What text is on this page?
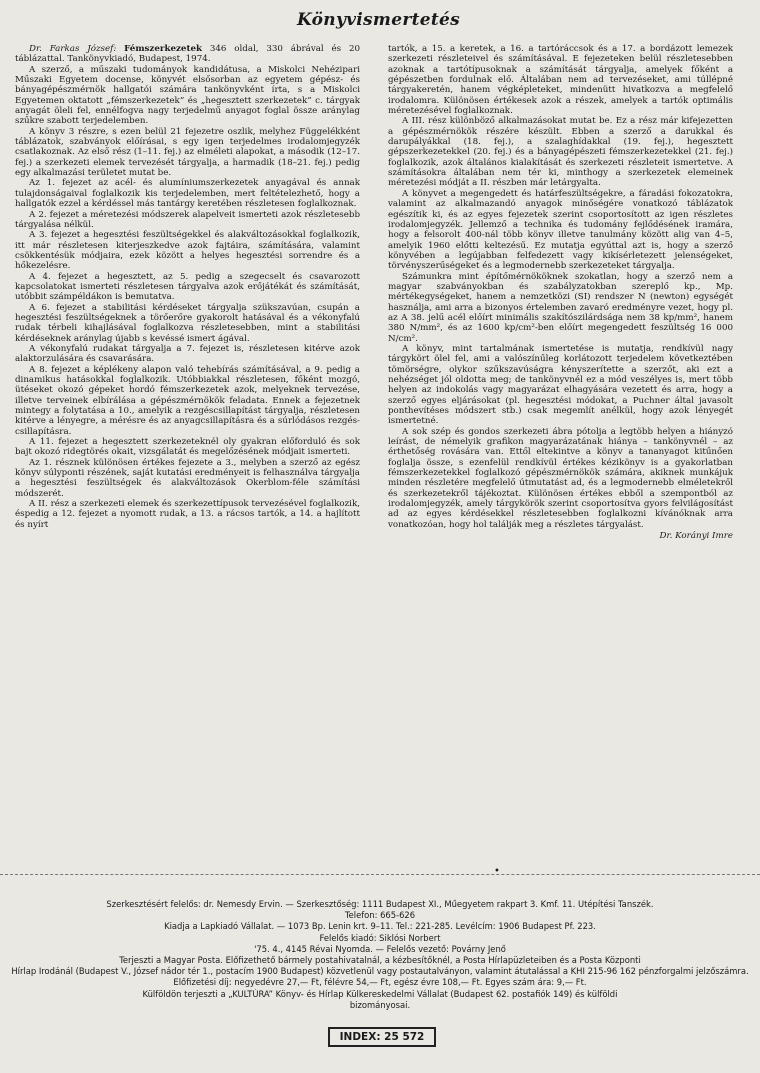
Könyvismertetés

Dr. Farkas József: Fémszerkezetek 346 oldal, 330 ábrával és 20 táblázattal. Tankönyvkiadó, Budapest, 1974.

A szerző, a műszaki tudományok kandidátusa, a Miskolci Nehézipari Műszaki Egyetem docense, könyvét elsősorban az egyetem gépész- és bányagépészmérnök hallgatói számára tankönyvként írta, s a Miskolci Egyetemen oktatott „fémszerkezetek” és „hegesztett szerkezetek” c. tárgyak anyagát öleli fel, ennélfogva nagy terjedelmű anyagot foglal össze aránylag szűkre szabott terjedelemben.

A könyv 3 részre, s ezen belül 21 fejezetre oszlik, melyhez Függelékként táblázatok, szabványok előírásai, s egy igen terjedelmes irodalomjegyzék csatlakoznak. Az első rész (1–11. fej.) az elméleti alapokat, a második (12–17. fej.) a szerkezeti elemek tervezését tárgyalja, a harmadik (18–21. fej.) pedig egy alkalmazási területet mutat be.

Az 1. fejezet az acél- és alumíniumszerkezetek anyagával és annak tulajdonságaival foglalkozik kis terjedelemben, mert feltételezhető, hogy a hallgatók ezzel a kérdéssel más tantárgy keretében részletesen foglalkoznak.

A 2. fejezet a méretezési módszerek alapelveit ismerteti azok részletesebb tárgyalása nélkül.

A 3. fejezet a hegesztési feszültségekkel és alakváltozásokkal foglalkozik, itt már részletesen kiterjeszkedve azok fajtáira, számítására, valamint csökkentésük módjaira, ezek között a helyes hegesztési sorrendre és a hőkezelésre.

A 4. fejezet a hegesztett, az 5. pedig a szegecselt és csavarozott kapcsolatokat ismerteti részletesen tárgyalva azok erőjátékát és számítását, utóbbit számpéldákon is bemutatva.

A 6. fejezet a stabilitási kérdéseket tárgyalja szükszavúan, csupán a hegesztési feszültségeknek a törőerőre gyakorolt hatásával és a vékonyfalú rudak térbeli kihajlásával foglalkozva részletesebben, mint a stabilitási kérdéseknek aránylag újabb s kevéssé ismert ágával.

A vékonyfalú rudakat tárgyalja a 7. fejezet is, részletesen kitérve azok alaktorzulására és csavarására.

A 8. fejezet a képlékeny alapon való tehebírás számításával, a 9. pedig a dinamikus hatásokkal foglalkozik. Utóbbiakkal részletesen, főként mozgó, ütéseket okozó gépeket hordó fémszerkezetek azok, melyeknek tervezése, illetve terveinek elbírálása a gépészmérnökök feladata. Ennek a fejezetnek mintegy a folytatása a 10., amelyik a rezgéscsillapítást tárgyalja, részletesen kitérve a lényegre, a mérésre és az anyagcsillapításra és a súrlódásos rezgés-csillapításra.

A 11. fejezet a hegesztett szerkezeteknél oly gyakran előforduló és sok bajt okozó ridegtörés okait, vizsgálatát és megelőzésének módjait ismerteti.

Az 1. résznek különösen értékes fejezete a 3., melyben a szerző az egész könyv súlyponti részének, saját kutatási eredményeit is felhasználva tárgyalja a hegesztési feszültségek és alakváltozások Okerblom-féle számítási módszerét.

A II. rész a szerkezeti elemek és szerkezettípusok tervezésével foglalkozik, éspedig a 12. fejezet a nyomott rudak, a 13. a rácsos tartók, a 14. a hajlított és nyírt

tartók, a 15. a keretek, a 16. a tartóráccsok és a 17. a bordázott lemezek szerkezeti részleteivel és számításával. E fejezeteken belül részletesebben azoknak a tartótípusoknak a számítását tárgyalja, amelyek főként a gépészetben fordulnak elő. Általában nem ad tervezéseket, ami túllépné tárgyakeretén, hanem végképleteket, mindenütt hivatkozva a megfelelő irodalomra. Különösen értékesek azok a részek, amelyek a tartók optimális méretezésével foglalkoznak.

A III. rész különböző alkalmazásokat mutat be. Ez a rész már kifejezetten a gépészmérnökök részére készült. Ebben a szerző a darukkal és darupályákkal (18. fej.), a szalaghídakkal (19. fej.), hegesztett gépszerkezetekkel (20. fej.) és a bányagépészeti fémszerkezetekkel (21. fej.) foglalkozik, azok általános kialakítását és szerkezeti részleteit ismertetve. A számításokra általában nem tér ki, minthogy a szerkezetek elemeinek méretezési módját a II. részben már letárgyalta.

A könyvet a megengedett és határfeszültségekre, a fáradási fokozatokra, valamint az alkalmazandó anyagok minőségére vonatkozó táblázatok egészítik ki, és az egyes fejezetek szerint csoportosított az igen részletes irodalomjegyzék. Jellemző a technika és tudomány fejlődésének iramára, hogy a felsorolt 400-nál több könyv illetve tanulmány között alig van 4–5, amelyik 1960 előtti keltezésű. Ez mutatja egyúttal azt is, hogy a szerző könyvében a legújabban felfedezett vagy kikísérletezett jelenségeket, törvényszerűségeket és a legmodernebb szerkezeteket tárgyalja.

Számunkra mint építőmérnököknek szokatlan, hogy a szerző nem a magyar szabványokban és szabályzatokban szereplő kp., Mp. mértékegységeket, hanem a nemzetközi (SI) rendszer N (newton) egységét használja, ami arra a bizonyos értelemben zavaró eredményre vezet, hogy pl. az A 38. jelű acél előírt minimális szakítószilárdsága nem 38 kp/mm², hanem 380 N/mm², és az 1600 kp/cm²-ben előírt megengedett feszültség 16 000 N/cm².

A könyv, mint tartalmának ismertetése is mutatja, rendkívül nagy tárgykört ölel fel, ami a valószínűleg korlátozott terjedelem következtében tömörségre, olykor szűkszavúságra kényszerítette a szerzőt, aki ezt a nehézséget jól oldotta meg; de tankönyvnél ez a mód veszélyes is, mert több helyen az indokolás vagy magyarázat elhagyására vezetett és arra, hogy a szerző egyes eljárásokat (pl. hegesztési módokat, a Puchner által javasolt ponthevítéses módszert stb.) csak megemlít anélkül, hogy azok lényegét ismertetné.

A sok szép és gondos szerkezeti ábra pótolja a legtöbb helyen a hiányzó leírást, de némelyik grafikon magyarázatának hiánya – tankönyvnél – az érthetőség rovására van. Ettől eltekintve a könyv a tananyagot kitűnően foglalja össze, s ezenfelül rendkívül értékes kézikönyv is a gyakorlatban fémszerkezetekkel foglalkozó gépészmérnökök számára, akiknek munkájuk minden részletére megfelelő útmutatást ad, és a legmodernebb elméletekről és szerkezetekről tájékoztat. Különösen értékes ebből a szempontból az irodalomjegyzék, amely tárgykörök szerint csoportosítva gyors felvilágosítást ad az egyes kérdésekkel részletesebben foglalkozni kívánóknak arra vonatkozóan, hogy hol találják meg a részletes tárgyalást.

Dr. Korányi Imre

•
Szerkesztésért felelős: dr. Nemesdy Ervin. — Szerkesztőség: 1111 Budapest XI., Műegyetem rakpart 3. Kmf. 11. Utépítési Tanszék.
Telefon: 665-626
Kiadja a Lapkiadó Vállalat. — 1073 Bp. Lenin krt. 9–11. Tel.: 221-285. Levélcím: 1906 Budapest Pf. 223.
Felelős kiadó: Siklósi Norbert
'75. 4., 4145 Révai Nyomda. — Felelős vezető: Povárny Jenő
Terjeszti a Magyar Posta. Előfizethető bármely postahivatalnál, a kézbesítőknél, a Posta Hírlapüzleteiben és a Posta Központi
Hírlap Irodánál (Budapest V., József nádor tér 1., postacím 1900 Budapest) közvetlenül vagy postautalványon, valamint átutalással a KHI 215-96 162 pénzforgalmi jelzőszámra.
Előfizetési díj: negyedévre 27,— Ft, félévre 54,— Ft, egész évre 108,— Ft. Egyes szám ára: 9,— Ft.
Külföldön terjeszti a „KULTÚRA” Könyv- és Hírlap Külkereskedelmi Vállalat (Budapest 62. postafiók 149) és külföldi
bizományosai.
INDEX: 25 572
